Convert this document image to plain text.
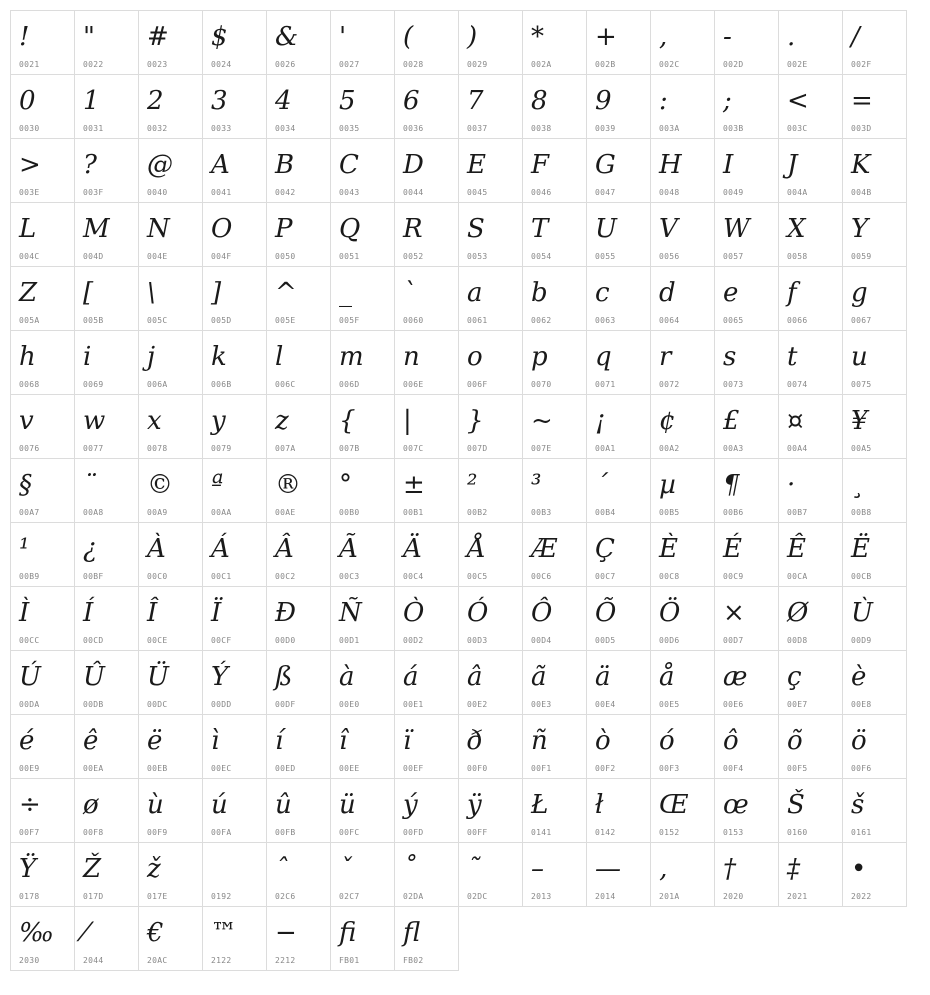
!
0021
"
0022
#
0023
$
0024
&
0026
'
0027
(
0028
)
0029
*
002A
+
002B
,
002C
-
002D
.
002E
/
002F
0
0030
1
0031
2
0032
3
0033
4
0034
5
0035
6
0036
7
0037
8
0038
9
0039
:
003A
;
003B
<
003C
=
003D
>
003E
?
003F
@
0040
A
0041
B
0042
C
0043
D
0044
E
0045
F
0046
G
0047
H
0048
I
0049
J
004A
K
004B
L
004C
M
004D
N
004E
O
004F
P
0050
Q
0051
R
0052
S
0053
T
0054
U
0055
V
0056
W
0057
X
0058
Y
0059
Z
005A
[
005B
\
005C
]
005D
^
005E
_
005F
`
0060
a
0061
b
0062
c
0063
d
0064
e
0065
f
0066
g
0067
h
0068
i
0069
j
006A
k
006B
l
006C
m
006D
n
006E
o
006F
p
0070
q
0071
r
0072
s
0073
t
0074
u
0075
v
0076
w
0077
x
0078
y
0079
z
007A
{
007B
|
007C
}
007D
~
007E
¡
00A1
¢
00A2
£
00A3
¤
00A4
¥
00A5
§
00A7
¨
00A8
©
00A9
ª
00AA
®
00AE
°
00B0
±
00B1
²
00B2
³
00B3
´
00B4
µ
00B5
¶
00B6
·
00B7
¸
00B8
¹
00B9
¿
00BF
À
00C0
Á
00C1
Â
00C2
Ã
00C3
Ä
00C4
Å
00C5
Æ
00C6
Ç
00C7
È
00C8
É
00C9
Ê
00CA
Ë
00CB
Ì
00CC
Í
00CD
Î
00CE
Ï
00CF
Ð
00D0
Ñ
00D1
Ò
00D2
Ó
00D3
Ô
00D4
Õ
00D5
Ö
00D6
×
00D7
Ø
00D8
Ù
00D9
Ú
00DA
Û
00DB
Ü
00DC
Ý
00DD
ß
00DF
à
00E0
á
00E1
â
00E2
ã
00E3
ä
00E4
å
00E5
æ
00E6
ç
00E7
è
00E8
é
00E9
ê
00EA
ë
00EB
ì
00EC
í
00ED
î
00EE
ï
00EF
ð
00F0
ñ
00F1
ò
00F2
ó
00F3
ô
00F4
õ
00F5
ö
00F6
÷
00F7
ø
00F8
ù
00F9
ú
00FA
û
00FB
ü
00FC
ý
00FD
ÿ
00FF
Ł
0141
ł
0142
Œ
0152
œ
0153
Š
0160
š
0161
Ÿ
0178
Ž
017D
ž
017E	0192
ˆ
02C6
ˇ
02C7
˚
02DA
˜
02DC
–
2013
—
2014
‚
201A
†
2020
‡
2021
•
2022
‰
2030
⁄
2044
€
20AC
™
2122
−
2212
fi
FB01
fl
FB02
